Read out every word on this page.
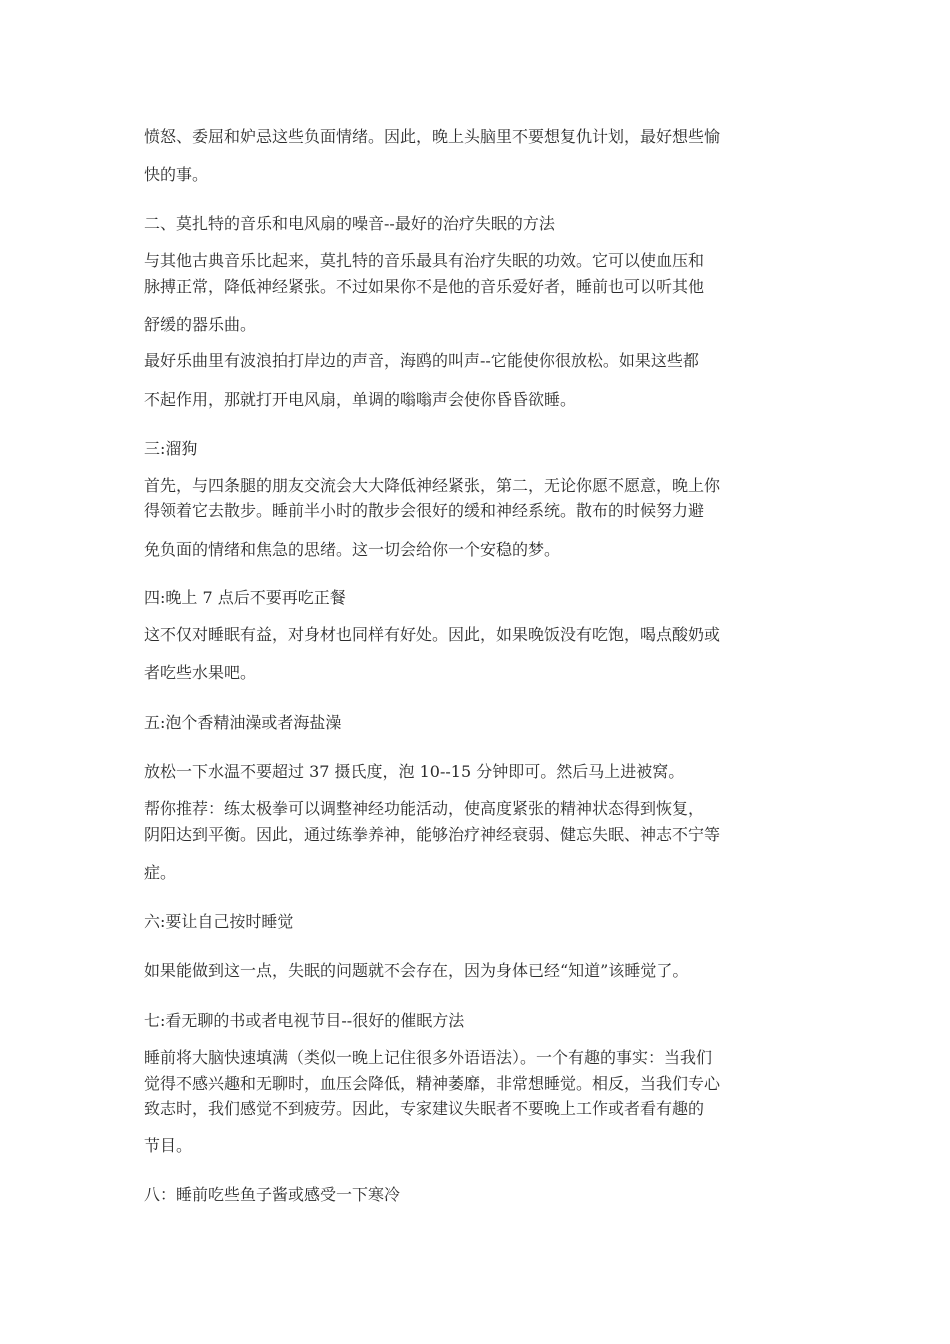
愤怒、委屈和妒忌这些负面情绪。因此，晚上头脑里不要想复仇计划，最好想些愉
快的事。
二、莫扎特的音乐和电风扇的噪音--最好的治疗失眠的方法
与其他古典音乐比起来，莫扎特的音乐最具有治疗失眠的功效。它可以使血压和
脉搏正常，降低神经紧张。不过如果你不是他的音乐爱好者，睡前也可以听其他
舒缓的器乐曲。
最好乐曲里有波浪拍打岸边的声音，海鸥的叫声--它能使你很放松。如果这些都
不起作用，那就打开电风扇，单调的嗡嗡声会使你昏昏欲睡。
三:溜狗
首先，与四条腿的朋友交流会大大降低神经紧张，第二，无论你愿不愿意，晚上你
得领着它去散步。睡前半小时的散步会很好的缓和神经系统。散布的时候努力避
免负面的情绪和焦急的思绪。这一切会给你一个安稳的梦。
四:晚上 7 点后不要再吃正餐
这不仅对睡眠有益，对身材也同样有好处。因此，如果晚饭没有吃饱，喝点酸奶或
者吃些水果吧。
五:泡个香精油澡或者海盐澡
放松一下水温不要超过 37 摄氏度，泡 10--15 分钟即可。然后马上进被窝。
帮你推荐：练太极拳可以调整神经功能活动，使高度紧张的精神状态得到恢复，
阴阳达到平衡。因此，通过练拳养神，能够治疗神经衰弱、健忘失眠、神志不宁等
症。
六:要让自己按时睡觉
如果能做到这一点，失眠的问题就不会存在，因为身体已经“知道”该睡觉了。
七:看无聊的书或者电视节目--很好的催眠方法
睡前将大脑快速填满（类似一晚上记住很多外语语法）。一个有趣的事实：当我们
觉得不感兴趣和无聊时，血压会降低，精神萎靡，非常想睡觉。相反，当我们专心
致志时，我们感觉不到疲劳。因此，专家建议失眠者不要晚上工作或者看有趣的
节目。
八：睡前吃些鱼子酱或感受一下寒冷
